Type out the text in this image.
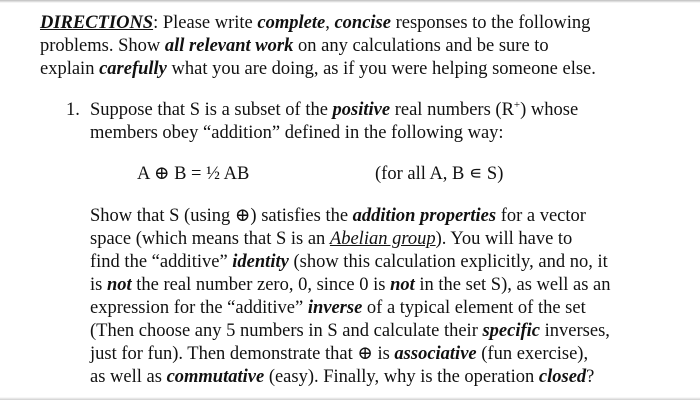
DIRECTIONS: Please write complete, concise responses to the following
problems. Show all relevant work on any calculations and be sure to
explain carefully what you are doing, as if you were helping someone else.
1. Suppose that S is a subset of the positive real numbers (R+) whose
members obey “addition” defined in the following way:
A ⊕ B = ½ AB	(for all A, B ∊ S)
Show that S (using ⊕) satisfies the addition properties for a vector
space (which means that S is an Abelian group). You will have to
find the “additive” identity (show this calculation explicitly, and no, it
is not the real number zero, 0, since 0 is not in the set S), as well as an
expression for the “additive” inverse of a typical element of the set
(Then choose any 5 numbers in S and calculate their specific inverses,
just for fun). Then demonstrate that ⊕ is associative (fun exercise),
as well as commutative (easy). Finally, why is the operation closed?
